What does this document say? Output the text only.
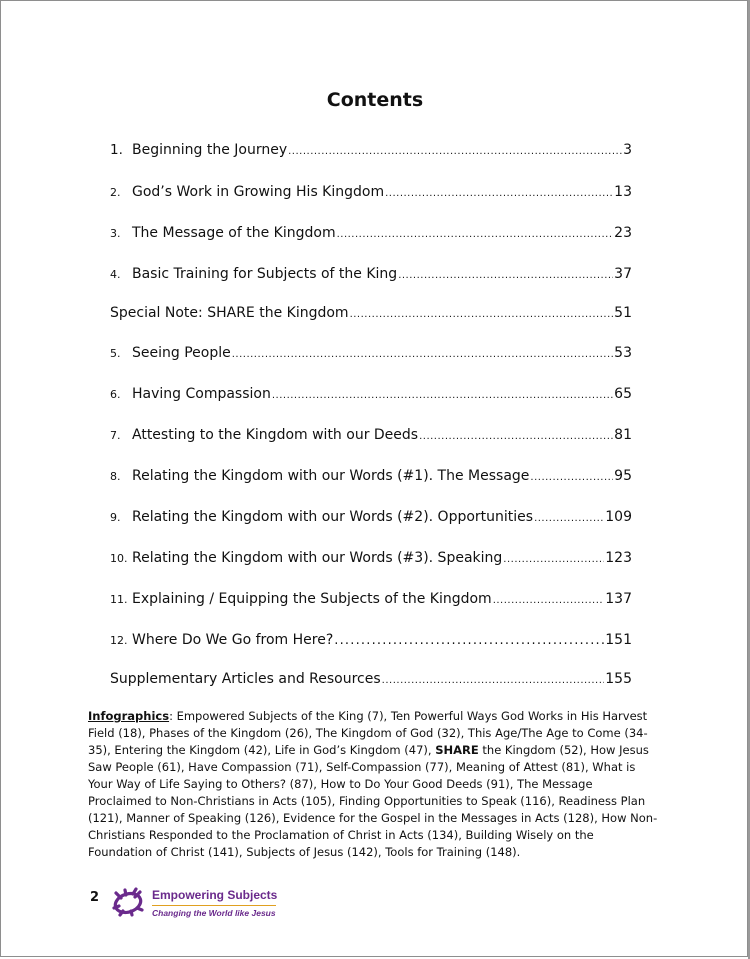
Contents
1. Beginning the Journey .....	3
2. God’s Work in Growing His Kingdom .....	13
3. The Message of the Kingdom .....	23
4. Basic Training for Subjects of the King .....	37
Special Note: SHARE the Kingdom .....	51
5. Seeing People .....	53
6. Having Compassion .....	65
7. Attesting to the Kingdom with our Deeds .....	81
8. Relating the Kingdom with our Words (#1). The Message .....	95
9. Relating the Kingdom with our Words (#2). Opportunities .....	109
10. Relating the Kingdom with our Words (#3). Speaking .....	123
11. Explaining / Equipping the Subjects of the Kingdom .....	137
12. Where Do We Go from Here? .....	151
Supplementary Articles and Resources .....	155
Infographics: Empowered Subjects of the King (7), Ten Powerful Ways God Works in His Harvest Field (18), Phases of the Kingdom (26), The Kingdom of God (32), This Age/The Age to Come (34-35), Entering the Kingdom (42), Life in God’s Kingdom (47), SHARE the Kingdom (52), How Jesus Saw People (61), Have Compassion (71), Self-Compassion (77), Meaning of Attest (81), What is Your Way of Life Saying to Others? (87), How to Do Your Good Deeds (91), The Message Proclaimed to Non-Christians in Acts (105), Finding Opportunities to Speak (116), Readiness Plan (121), Manner of Speaking (126), Evidence for the Gospel in the Messages in Acts (128), How Non-Christians Responded to the Proclamation of Christ in Acts (134), Building Wisely on the Foundation of Christ (141), Subjects of Jesus (142), Tools for Training (148).
2	Empowering Subjects
Changing the World like Jesus
